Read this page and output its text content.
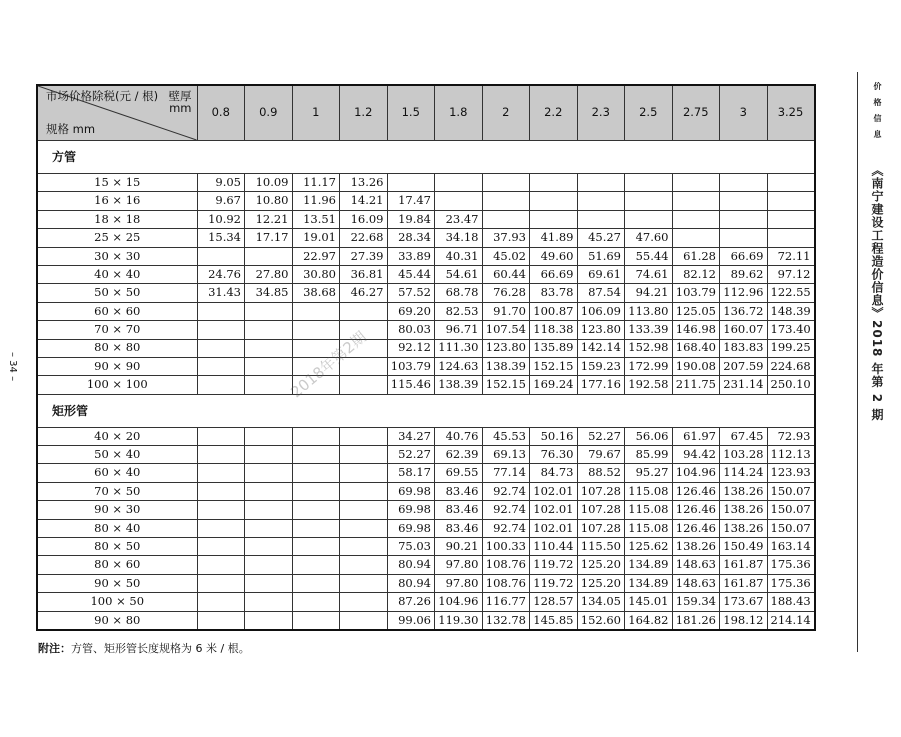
市场价格除税(元 / 根) 壁厚
mm
规格 mm	0.8	0.9	1	1.2	1.5	1.8	2	2.2	2.3	2.5	2.75	3	3.25
方管													
15 × 15	9.05	10.09	11.17	13.26									
16 × 16	9.67	10.80	11.96	14.21	17.47								
18 × 18	10.92	12.21	13.51	16.09	19.84	23.47							
25 × 25	15.34	17.17	19.01	22.68	28.34	34.18	37.93	41.89	45.27	47.60			
30 × 30			22.97	27.39	33.89	40.31	45.02	49.60	51.69	55.44	61.28	66.69	72.11
40 × 40	24.76	27.80	30.80	36.81	45.44	54.61	60.44	66.69	69.61	74.61	82.12	89.62	97.12
50 × 50	31.43	34.85	38.68	46.27	57.52	68.78	76.28	83.78	87.54	94.21	103.79	112.96	122.55
60 × 60					69.20	82.53	91.70	100.87	106.09	113.80	125.05	136.72	148.39
70 × 70					80.03	96.71	107.54	118.38	123.80	133.39	146.98	160.07	173.40
80 × 80					92.12	111.30	123.80	135.89	142.14	152.98	168.40	183.83	199.25
90 × 90					103.79	124.63	138.39	152.15	159.23	172.99	190.08	207.59	224.68
100 × 100					115.46	138.39	152.15	169.24	177.16	192.58	211.75	231.14	250.10
矩形管													
40 × 20					34.27	40.76	45.53	50.16	52.27	56.06	61.97	67.45	72.93
50 × 40					52.27	62.39	69.13	76.30	79.67	85.99	94.42	103.28	112.13
60 × 40					58.17	69.55	77.14	84.73	88.52	95.27	104.96	114.24	123.93
70 × 50					69.98	83.46	92.74	102.01	107.28	115.08	126.46	138.26	150.07
90 × 30					69.98	83.46	92.74	102.01	107.28	115.08	126.46	138.26	150.07
80 × 40					69.98	83.46	92.74	102.01	107.28	115.08	126.46	138.26	150.07
80 × 50					75.03	90.21	100.33	110.44	115.50	125.62	138.26	150.49	163.14
80 × 60					80.94	97.80	108.76	119.72	125.20	134.89	148.63	161.87	175.36
90 × 50					80.94	97.80	108.76	119.72	125.20	134.89	148.63	161.87	175.36
100 × 50					87.26	104.96	116.77	128.57	134.05	145.01	159.34	173.67	188.43
90 × 80					99.06	119.30	132.78	145.85	152.60	164.82	181.26	198.12	214.14
附注：方管、矩形管长度规格为 6 米 / 根。
– 34 –
价格信息 《南宁建设工程造价信息》2018 年第 2 期
2018年第2期
